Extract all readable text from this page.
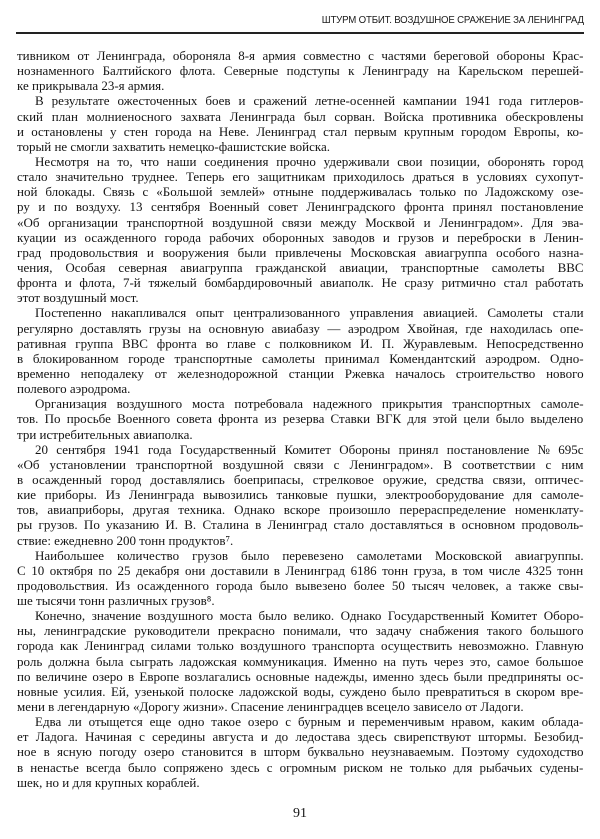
ШТУРМ ОТБИТ. ВОЗДУШНОЕ СРАЖЕНИЕ ЗА ЛЕНИНГРАД
тивником от Ленинграда, обороняла 8-я армия совместно с частями береговой обороны Крас-
нознаменного Балтийского флота. Северные подступы к Ленинграду на Карельском перешей-
ке прикрывала 23-я армия.
В результате ожесточенных боев и сражений летне-осенней кампании 1941 года гитлеров-
ский план молниеносного захвата Ленинграда был сорван. Войска противника обескровлены
и остановлены у стен города на Неве. Ленинград стал первым крупным городом Европы, ко-
торый не смогли захватить немецко-фашистские войска.
Несмотря на то, что наши соединения прочно удерживали свои позиции, оборонять город
стало значительно труднее. Теперь его защитникам приходилось драться в условиях сухопут-
ной блокады. Связь с «Большой землей» отныне поддерживалась только по Ладожскому озе-
ру и по воздуху. 13 сентября Военный совет Ленинградского фронта принял постановление
«Об организации транспортной воздушной связи между Москвой и Ленинградом». Для эва-
куации из осажденного города рабочих оборонных заводов и грузов и переброски в Ленин-
град продовольствия и вооружения были привлечены Московская авиагруппа особого назна-
чения, Особая северная авиагруппа гражданской авиации, транспортные самолеты ВВС
фронта и флота, 7-й тяжелый бомбардировочный авиаполк. Не сразу ритмично стал работать
этот воздушный мост.
Постепенно накапливался опыт централизованного управления авиацией. Самолеты стали
регулярно доставлять грузы на основную авиабазу — аэродром Хвойная, где находилась опе-
ративная группа ВВС фронта во главе с полковником И. П. Журавлевым. Непосредственно
в блокированном городе транспортные самолеты принимал Комендантский аэродром. Одно-
временно неподалеку от железнодорожной станции Ржевка началось строительство нового
полевого аэродрома.
Организация воздушного моста потребовала надежного прикрытия транспортных самоле-
тов. По просьбе Военного совета фронта из резерва Ставки ВГК для этой цели было выделено
три истребительных авиаполка.
20 сентября 1941 года Государственный Комитет Обороны принял постановление № 695с
«Об установлении транспортной воздушной связи с Ленинградом». В соответствии с ним
в осажденный город доставлялись боеприпасы, стрелковое оружие, средства связи, оптичес-
кие приборы. Из Ленинграда вывозились танковые пушки, электрооборудование для самоле-
тов, авиаприборы, другая техника. Однако вскоре произошло перераспределение номенклату-
ры грузов. По указанию И. В. Сталина в Ленинград стало доставляться в основном продоволь-
ствие: ежедневно 200 тонн продуктов⁷.
Наибольшее количество грузов было перевезено самолетами Московской авиагруппы.
С 10 октября по 25 декабря они доставили в Ленинград 6186 тонн груза, в том числе 4325 тонн
продовольствия. Из осажденного города было вывезено более 50 тысяч человек, а также свы-
ше тысячи тонн различных грузов⁸.
Конечно, значение воздушного моста было велико. Однако Государственный Комитет Оборо-
ны, ленинградские руководители прекрасно понимали, что задачу снабжения такого большого
города как Ленинград силами только воздушного транспорта осуществить невозможно. Главную
роль должна была сыграть ладожская коммуникация. Именно на путь через это, самое большое
по величине озеро в Европе возлагались основные надежды, именно здесь были предприняты ос-
новные усилия. Ей, узенькой полоске ладожской воды, суждено было превратиться в скором вре-
мени в легендарную «Дорогу жизни». Спасение ленинградцев всецело зависело от Ладоги.
Едва ли отыщется еще одно такое озеро с бурным и переменчивым нравом, каким облада-
ет Ладога. Начиная с середины августа и до ледостава здесь свирепствуют штормы. Безобид-
ное в ясную погоду озеро становится в шторм буквально неузнаваемым. Поэтому судоходство
в ненастье всегда было сопряжено здесь с огромным риском не только для рыбачьих судены-
шек, но и для крупных кораблей.
91
